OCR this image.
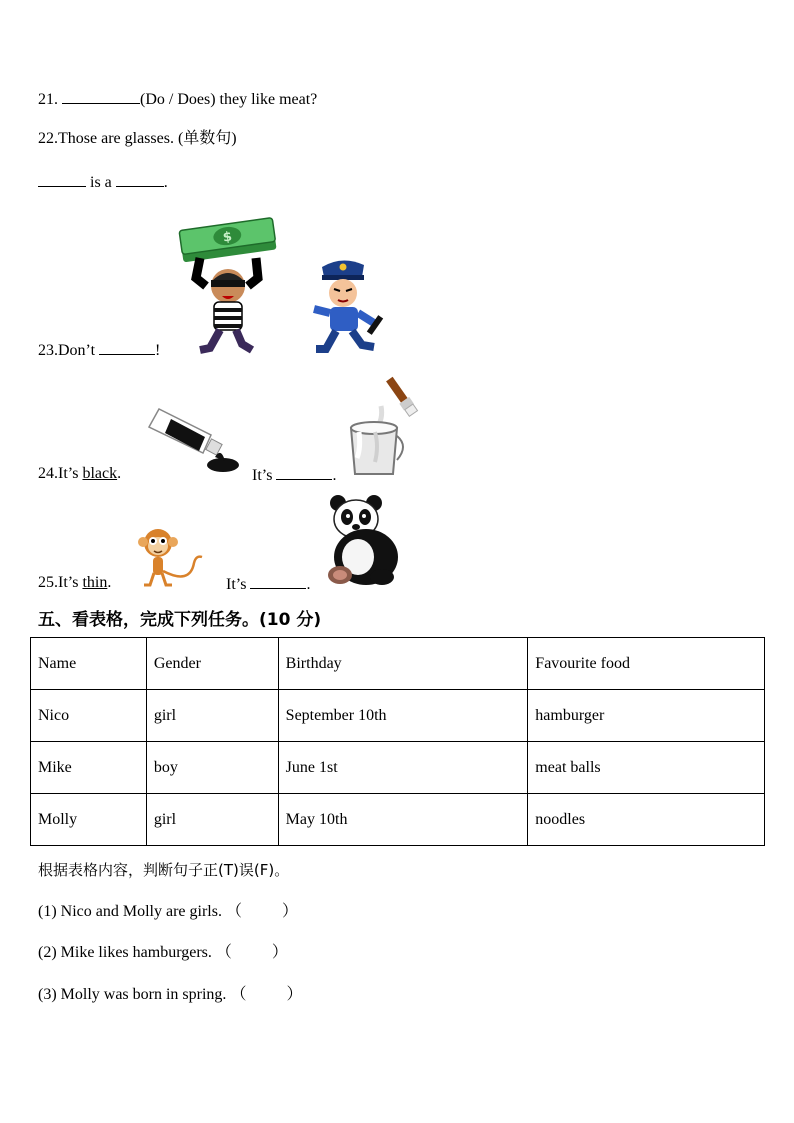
21.	(Do / Does) they like meat?
22.Those are glasses. (单数句)
is a	.
$
23.Don’t	!
24.It’s black.	It’s	.
25.It’s thin.	It’s	.
五、看表格，完成下列任务。(10 分)
Name	Gender	Birthday	Favourite food
Nico	girl	September 10th	hamburger
Mike	boy	June 1st	meat balls
Molly	girl	May 10th	noodles
根据表格内容，判断句子正(T)误(F)。
(1) Nico and Molly are girls. （          ）
(2) Mike likes hamburgers. （          ）
(3) Molly was born in spring. （          ）
